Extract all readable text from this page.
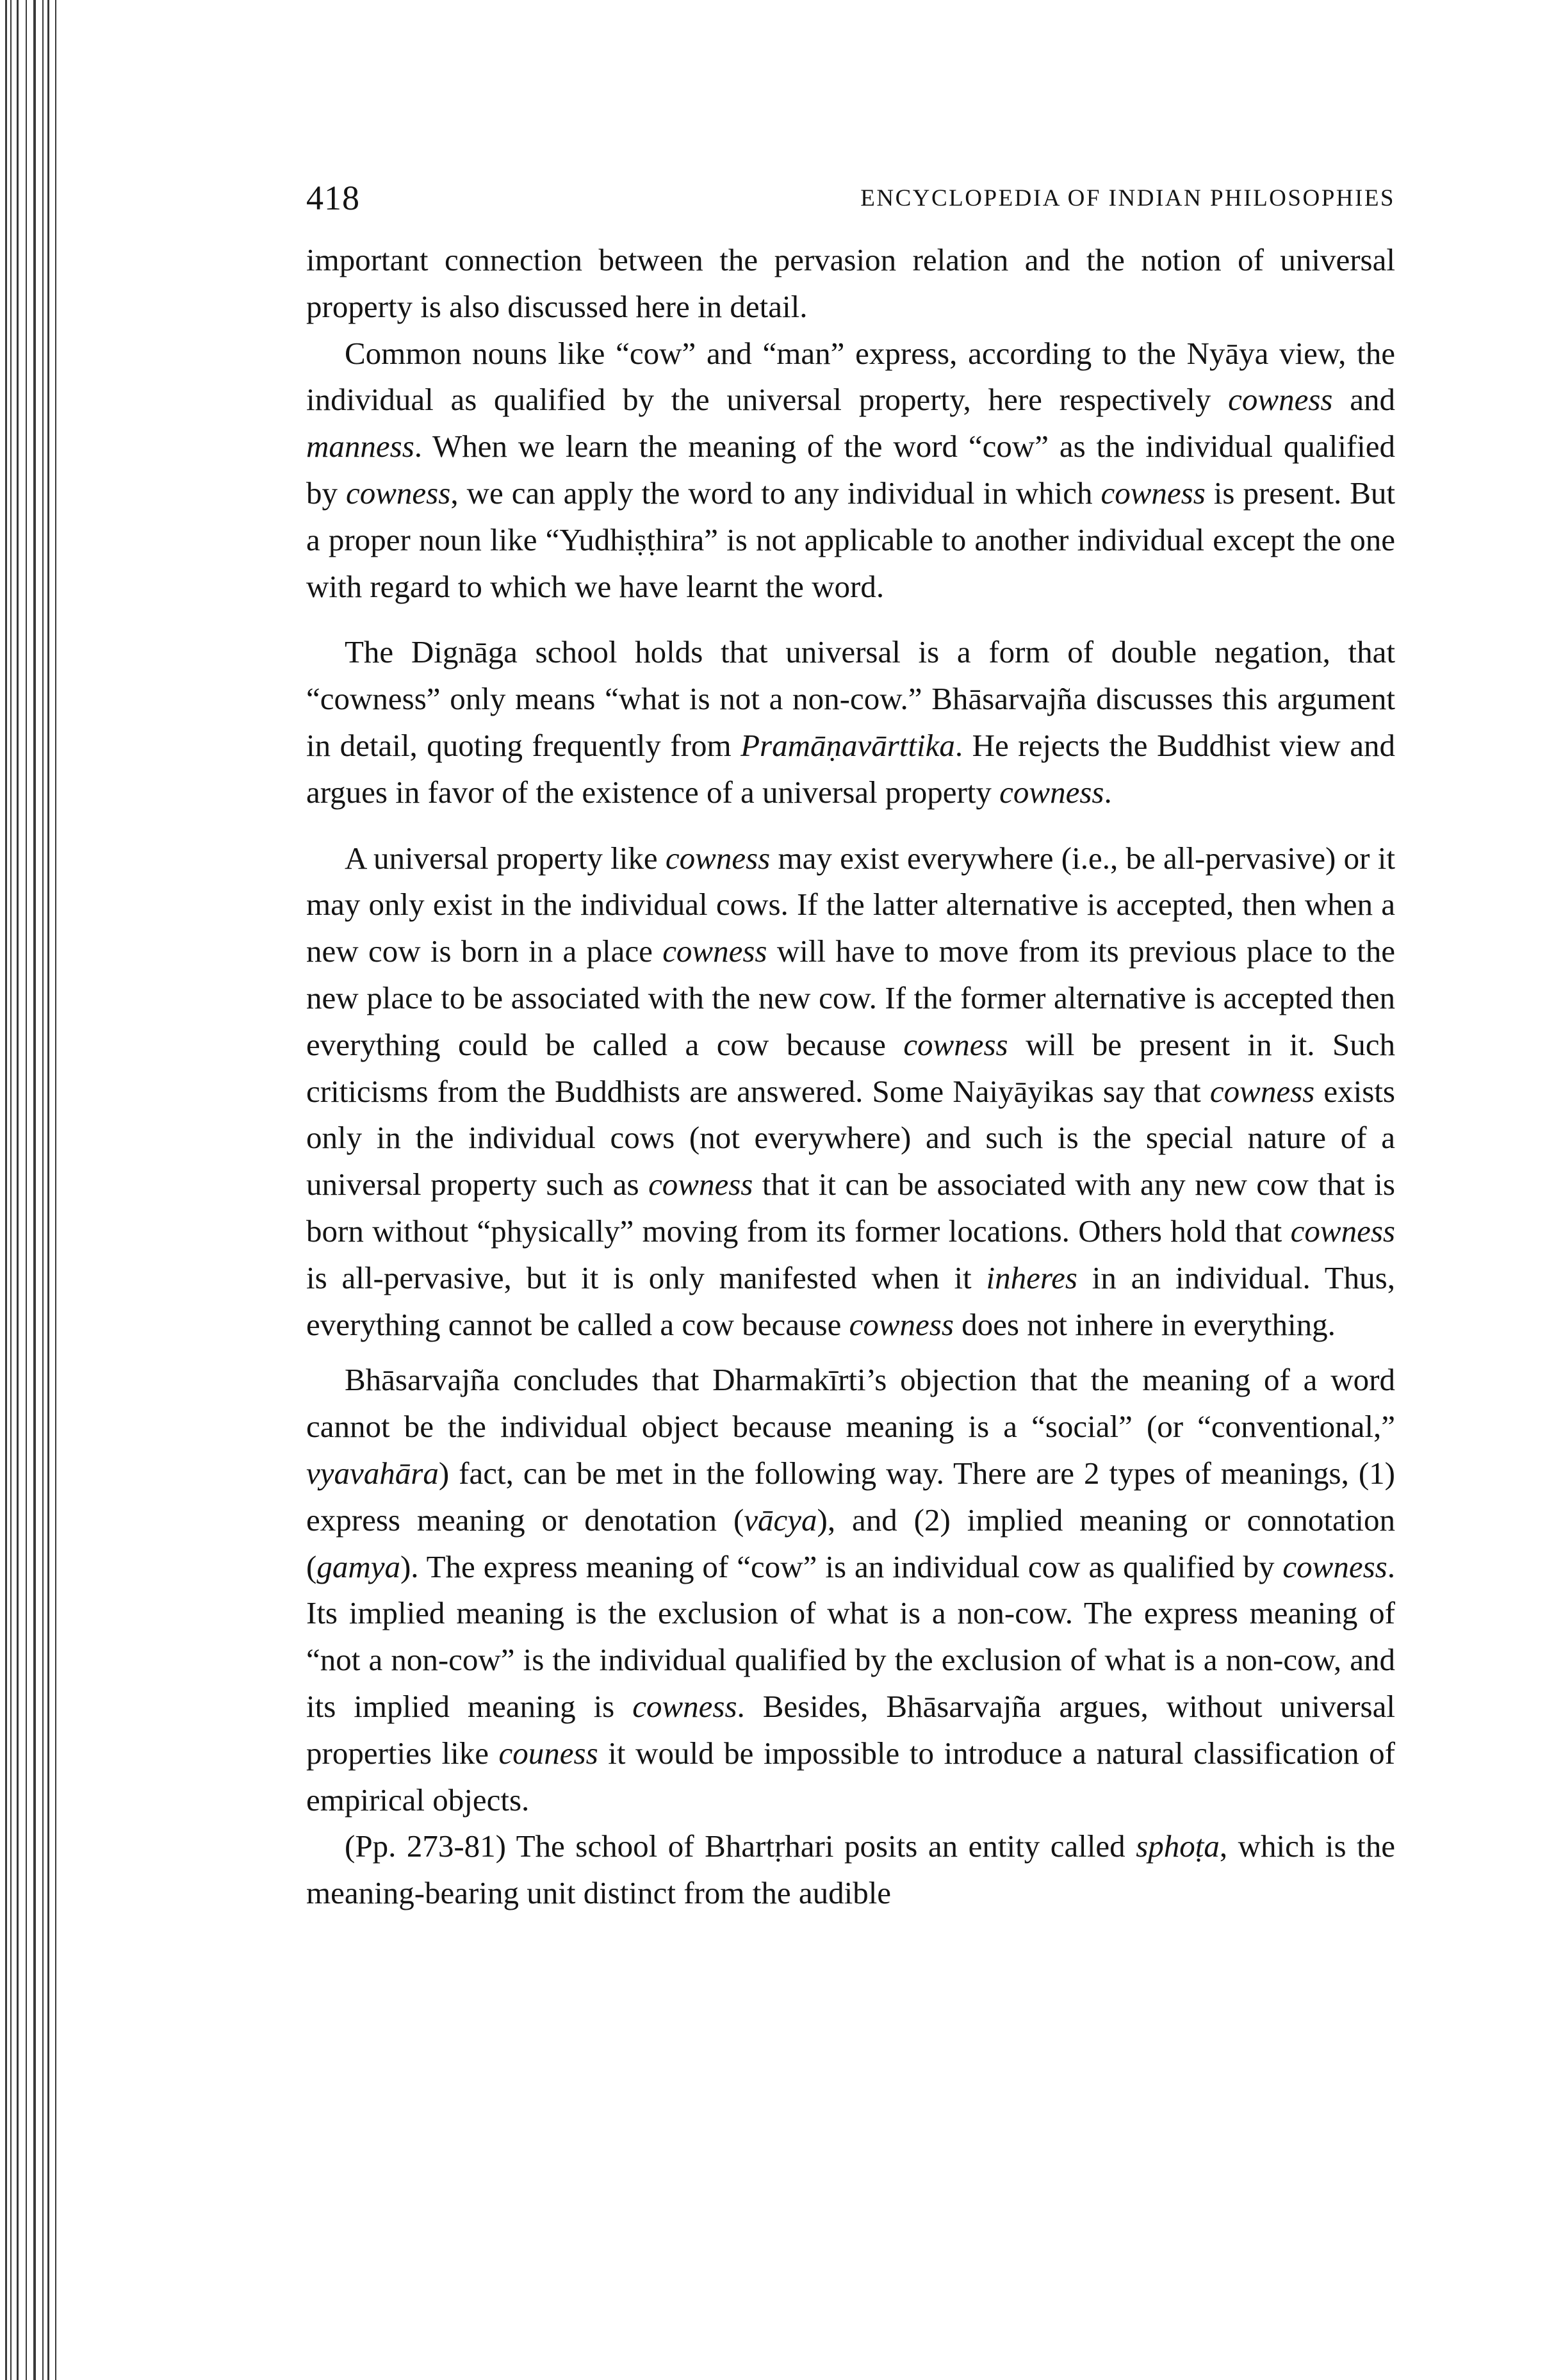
418	ENCYCLOPEDIA OF INDIAN PHILOSOPHIES

important connection between the pervasion relation and the notion of universal property is also discussed here in detail.

Common nouns like “cow” and “man” express, according to the Nyāya view, the individual as qualified by the universal property, here respectively cowness and manness. When we learn the meaning of the word “cow” as the individual qualified by cowness, we can apply the word to any individual in which cowness is present. But a proper noun like “Yudhiṣṭhira” is not applicable to another individual except the one with regard to which we have learnt the word.

The Dignāga school holds that universal is a form of double negation, that “cowness” only means “what is not a non-cow.” Bhāsarvajña discusses this argument in detail, quoting frequently from Pramāṇavārttika. He rejects the Buddhist view and argues in favor of the existence of a universal property cowness.

A universal property like cowness may exist everywhere (i.e., be all-pervasive) or it may only exist in the individual cows. If the latter alternative is accepted, then when a new cow is born in a place cowness will have to move from its previous place to the new place to be associated with the new cow. If the former alternative is accepted then everything could be called a cow because cowness will be present in it. Such criticisms from the Buddhists are answered. Some Naiyāyikas say that cowness exists only in the individual cows (not everywhere) and such is the special nature of a universal property such as cowness that it can be associated with any new cow that is born without “physically” moving from its former locations. Others hold that cowness is all-pervasive, but it is only manifested when it inheres in an individual. Thus, everything cannot be called a cow because cowness does not inhere in everything.

Bhāsarvajña concludes that Dharmakīrti’s objection that the meaning of a word cannot be the individual object because meaning is a “social” (or “conventional,” vyavahāra) fact, can be met in the following way. There are 2 types of meanings, (1) express meaning or denotation (vācya), and (2) implied meaning or connotation (gamya). The express meaning of “cow” is an individual cow as qualified by cowness. Its implied meaning is the exclusion of what is a non-cow. The express meaning of “not a non-cow” is the individual qualified by the exclusion of what is a non-cow, and its implied meaning is cowness. Besides, Bhāsarvajña argues, without universal properties like couness it would be impossible to introduce a natural classification of empirical objects.

(Pp. 273-81) The school of Bhartṛhari posits an entity called sphoṭa, which is the meaning-bearing unit distinct from the audible
